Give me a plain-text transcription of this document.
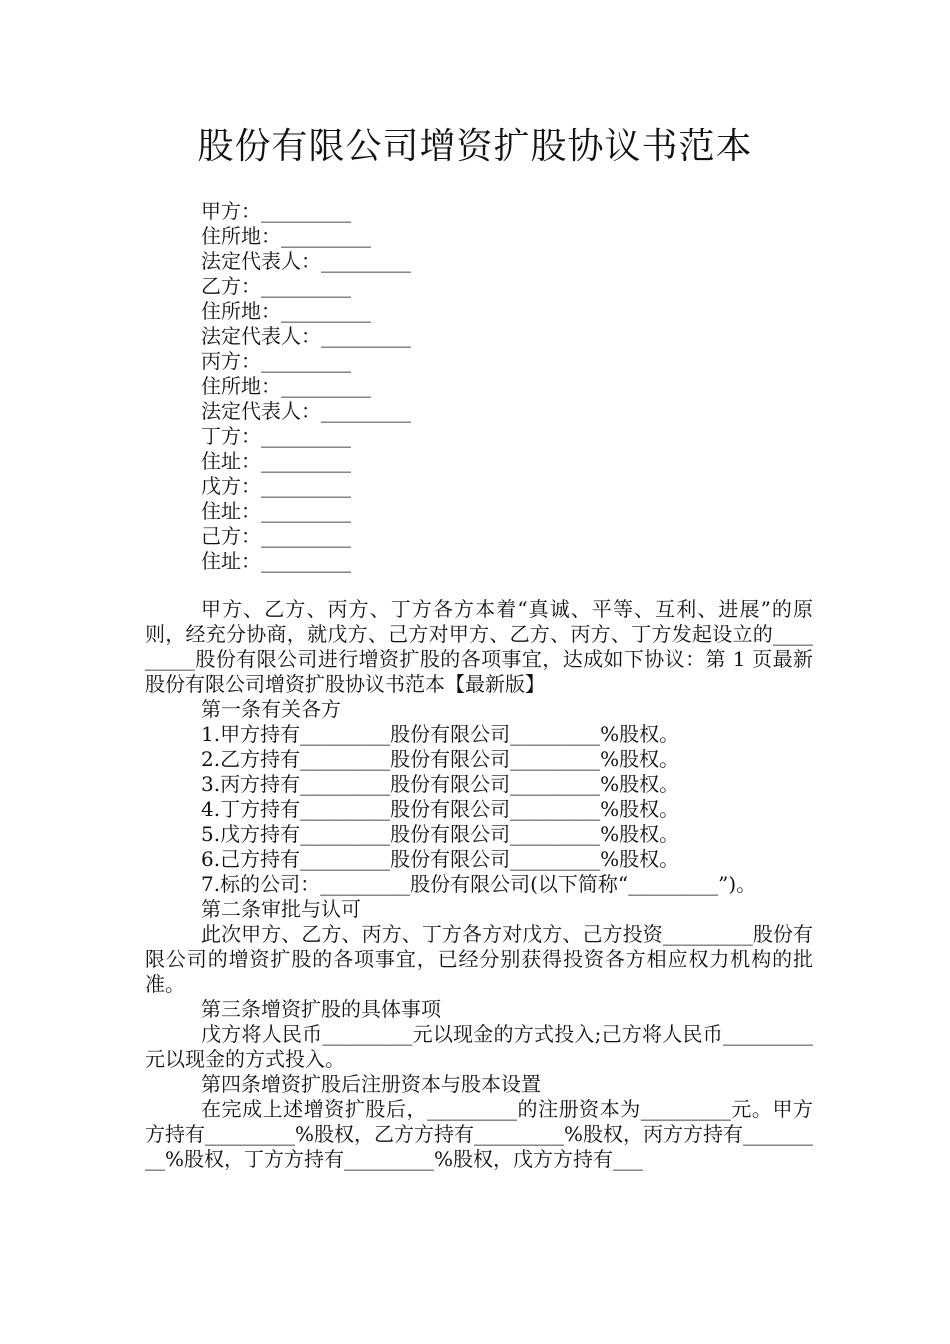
股份有限公司增资扩股协议书范本
甲方：_________
住所地：_________
法定代表人：_________
乙方：_________
住所地：_________
法定代表人：_________
丙方：_________
住所地：_________
法定代表人：_________
丁方：_________
住址：_________
戊方：_________
住址：_________
己方：_________
住址：_________

甲方、乙方、丙方、丁方各方本着“真诚、平等、互利、进展”的原则，经充分协商，就戊方、己方对甲方、乙方、丙方、丁方发起设立的_________股份有限公司进行增资扩股的各项事宜，达成如下协议：第 1 页最新股份有限公司增资扩股协议书范本【最新版】

第一条有关各方
1.甲方持有_________股份有限公司_________%股权。
2.乙方持有_________股份有限公司_________%股权。
3.丙方持有_________股份有限公司_________%股权。
4.丁方持有_________股份有限公司_________%股权。
5.戊方持有_________股份有限公司_________%股权。
6.己方持有_________股份有限公司_________%股权。

7.标的公司：_________股份有限公司(以下简称“_________”)。

第二条审批与认可

此次甲方、乙方、丙方、丁方各方对戊方、己方投资_________股份有限公司的增资扩股的各项事宜，已经分别获得投资各方相应权力机构的批准。

第三条增资扩股的具体事项

戊方将人民币_________元以现金的方式投入;己方将人民币_________元以现金的方式投入。

第四条增资扩股后注册资本与股本设置

在完成上述增资扩股后，_________的注册资本为_________元。甲方方持有_________%股权，乙方方持有_________%股权，丙方方持有_________%股权，丁方方持有_________%股权，戊方方持有___
